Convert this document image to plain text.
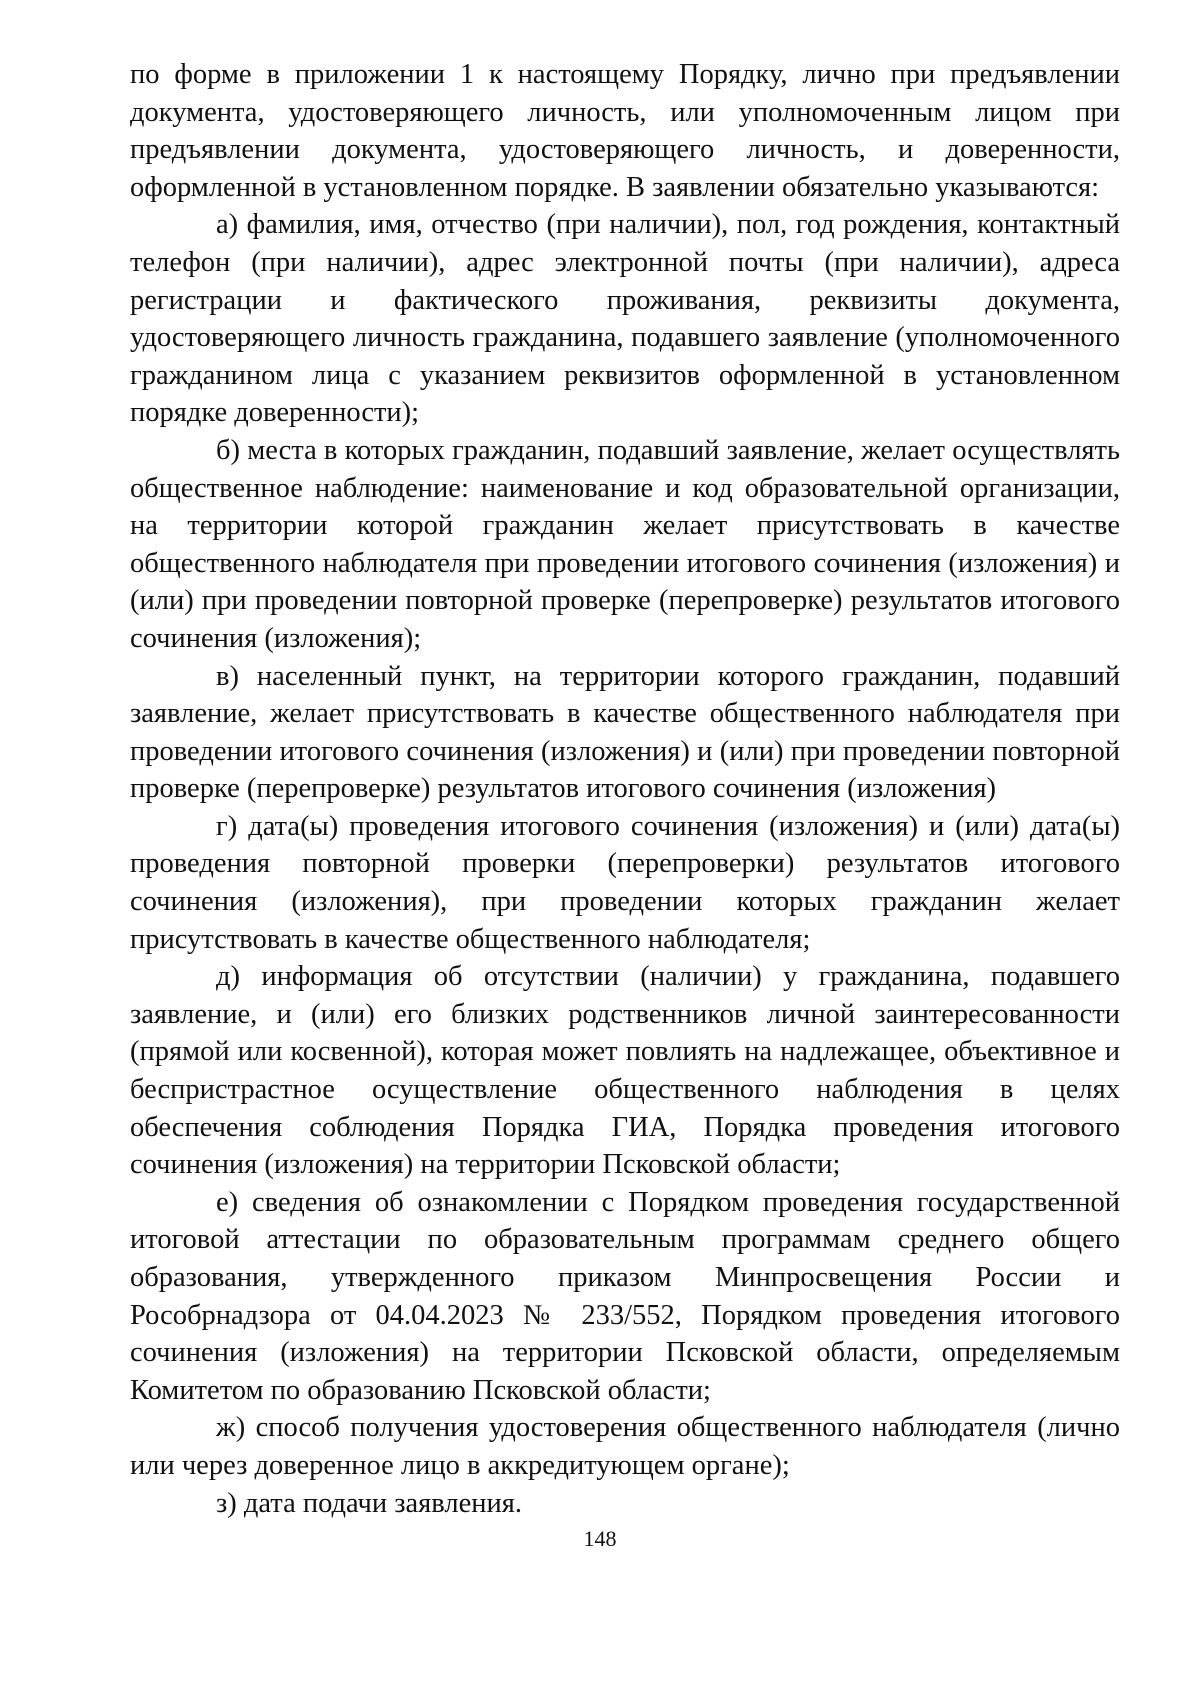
по форме в приложении 1 к настоящему Порядку, лично при предъявлении документа, удостоверяющего личность, или уполномоченным лицом при предъявлении документа, удостоверяющего личность, и доверенности, оформленной в установленном порядке. В заявлении обязательно указываются:

а) фамилия, имя, отчество (при наличии), пол, год рождения, контактный телефон (при наличии), адрес электронной почты (при наличии), адреса регистрации и фактического проживания, реквизиты документа, удостоверяющего личность гражданина, подавшего заявление (уполномоченного гражданином лица с указанием реквизитов оформленной в установленном порядке доверенности);

б) места в которых гражданин, подавший заявление, желает осуществлять общественное наблюдение: наименование и код образовательной организации, на территории которой гражданин желает присутствовать в качестве общественного наблюдателя при проведении итогового сочинения (изложения) и (или) при проведении повторной проверке (перепроверке) результатов итогового сочинения (изложения);

в) населенный пункт, на территории которого гражданин, подавший заявление, желает присутствовать в качестве общественного наблюдателя при проведении итогового сочинения (изложения) и (или) при проведении повторной проверке (перепроверке) результатов итогового сочинения (изложения)

г) дата(ы) проведения итогового сочинения (изложения) и (или) дата(ы) проведения повторной проверки (перепроверки) результатов итогового сочинения (изложения), при проведении которых гражданин желает присутствовать в качестве общественного наблюдателя;

д) информация об отсутствии (наличии) у гражданина, подавшего заявление, и (или) его близких родственников личной заинтересованности (прямой или косвенной), которая может повлиять на надлежащее, объективное и беспристрастное осуществление общественного наблюдения в целях обеспечения соблюдения Порядка ГИА, Порядка проведения итогового сочинения (изложения) на территории Псковской области;

е) сведения об ознакомлении с Порядком проведения государственной итоговой аттестации по образовательным программам среднего общего образования, утвержденного приказом Минпросвещения России и Рособрнадзора от 04.04.2023 № 233/552, Порядком проведения итогового сочинения (изложения) на территории Псковской области, определяемым Комитетом по образованию Псковской области;

ж) способ получения удостоверения общественного наблюдателя (лично или через доверенное лицо в аккредитующем органе);

з) дата подачи заявления.

148
